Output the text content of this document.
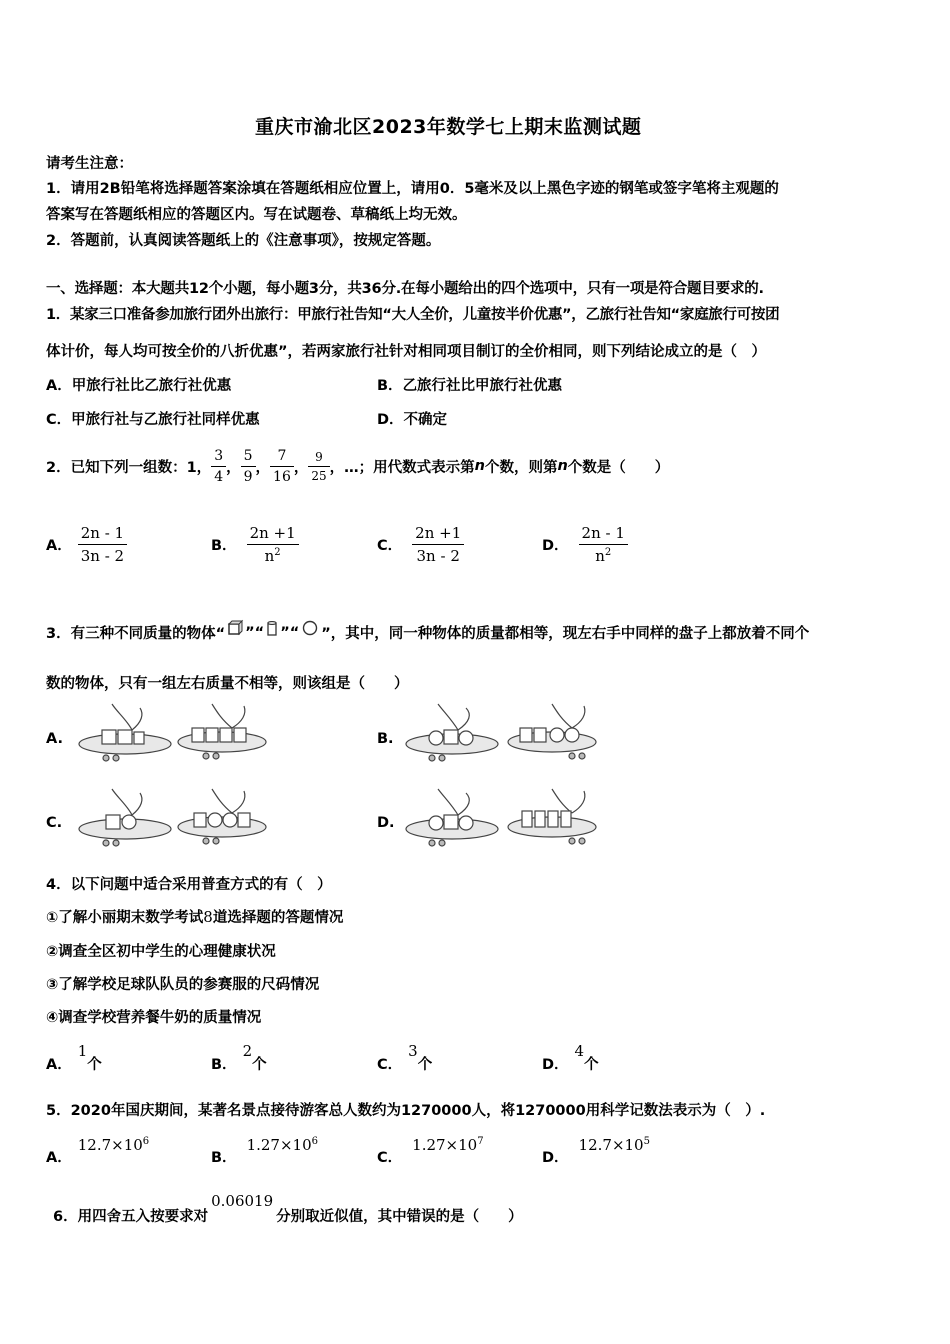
重庆市渝北区2023年数学七上期末监测试题
请考生注意：
1．请用2B铅笔将选择题答案涂填在答题纸相应位置上，请用0．5毫米及以上黑色字迹的钢笔或签字笔将主观题的
答案写在答题纸相应的答题区内。写在试题卷、草稿纸上均无效。
2．答题前，认真阅读答题纸上的《注意事项》，按规定答题。
一、选择题：本大题共12个小题，每小题3分，共36分.在每小题给出的四个选项中，只有一项是符合题目要求的.
1．某家三口准备参加旅行团外出旅行：甲旅行社告知“大人全价，儿童按半价优惠”，乙旅行社告知“家庭旅行可按团
体计价，每人均可按全价的八折优惠”，若两家旅行社针对相同项目制订的全价相同，则下列结论成立的是（　）
A．甲旅行社比乙旅行社优惠	B．乙旅行社比甲旅行社优惠
C．甲旅行社与乙旅行社同样优惠	D．不确定
2．已知下列一组数：1， $\frac{3}{4}$ ， $\frac{5}{9}$ ， $\frac{7}{16}$ ， $\frac{9}{25}$ ，…；用代数式表示第 n 个数，则第 n 个数是（　　）
A． $\frac{2n - 1}{3n - 2}$	B． $\frac{2n +1}{n^2}$	C． $\frac{2n +1}{3n - 2}$	D． $\frac{2n - 1}{n^2}$
3．有三种不同质量的物体“ ”“ ”“ ”，其中，同一种物体的质量都相等，现左右手中同样的盘子上都放着不同个
数的物体，只有一组左右质量不相等，则该组是（　　）
A.	B.
C.	D.
4．以下问题中适合采用普查方式的有（　）
①了解小丽期末数学考试8道选择题的答题情况
②调查全区初中学生的心理健康状况
③了解学校足球队队员的参赛服的尺码情况
④调查学校营养餐牛奶的质量情况
A．1个	B．2个	C．3个	D．4个
5．2020年国庆期间，某著名景点接待游客总人数约为1270000人，将1270000用科学记数法表示为（　）.
A．$12.7\times 10^6$
B．$1.27\times 10^6$
C．$1.27\times 10^7$
D．$12.7\times 10^5$
6．用四舍五入按要求对0.06019分别取近似值，其中错误的是（　　）
